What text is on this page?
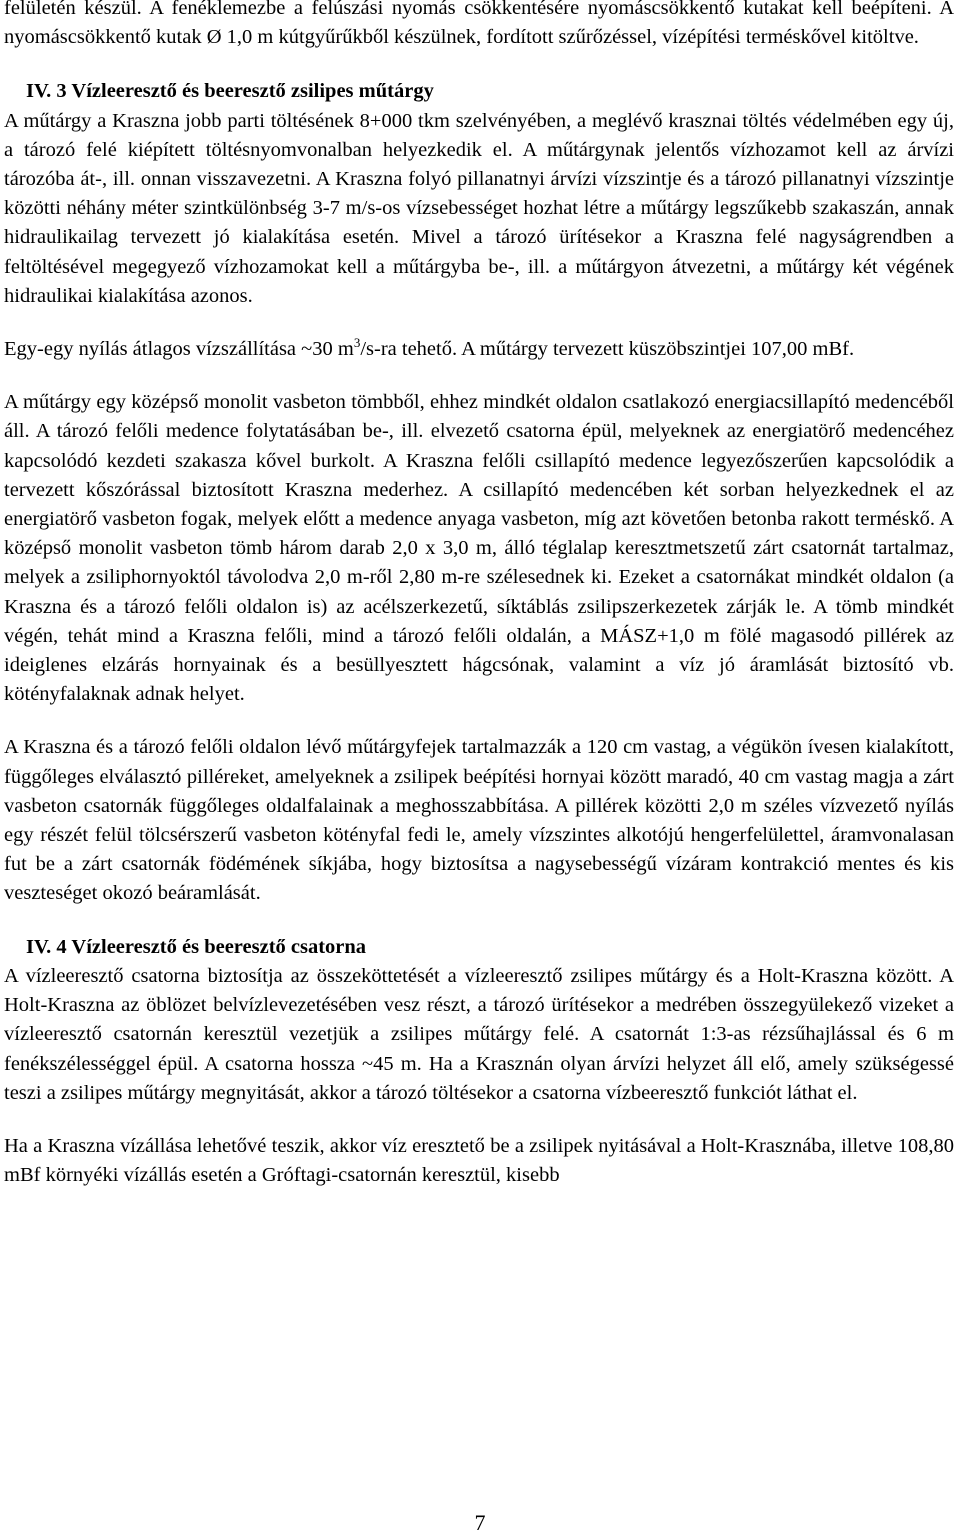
felületén készül. A fenéklemezbe a felúszási nyomás csökkentésére nyomáscsökkentő kutakat kell beépíteni. A nyomáscsökkentő kutak Ø 1,0 m kútgyűrűkből készülnek, fordított szűrőzéssel, vízépítési terméskővel kitöltve.

IV. 3 Vízleeresztő és beeresztő zsilipes műtárgy

A műtárgy a Kraszna jobb parti töltésének 8+000 tkm szelvényében, a meglévő krasznai töltés védelmében egy új, a tározó felé kiépített töltésnyomvonalban helyezkedik el. A műtárgynak jelentős vízhozamot kell az árvízi tározóba át-, ill. onnan visszavezetni. A Kraszna folyó pillanatnyi árvízi vízszintje és a tározó pillanatnyi vízszintje közötti néhány méter szintkülönbség 3-7 m/s-os vízsebességet hozhat létre a műtárgy legszűkebb szakaszán, annak hidraulikailag tervezett jó kialakítása esetén. Mivel a tározó ürítésekor a Kraszna felé nagyságrendben a feltöltésével megegyező vízhozamokat kell a műtárgyba be-, ill. a műtárgyon átvezetni, a műtárgy két végének hidraulikai kialakítása azonos.

Egy-egy nyílás átlagos vízszállítása ~30 $m^3/s-ra$ tehető. A műtárgy tervezett küszöbszintjei 107,00 mBf.

A műtárgy egy középső monolit vasbeton tömbből, ehhez mindkét oldalon csatlakozó energiacsillapító medencéből áll. A tározó felőli medence folytatásában be-, ill. elvezető csatorna épül, melyeknek az energiatörő medencéhez kapcsolódó kezdeti szakasza kővel burkolt. A Kraszna felőli csillapító medence legyezőszerűen kapcsolódik a tervezett kőszórással biztosított Kraszna mederhez. A csillapító medencében két sorban helyezkednek el az energiatörő vasbeton fogak, melyek előtt a medence anyaga vasbeton, míg azt követően betonba rakott terméskő. A középső monolit vasbeton tömb három darab 2,0 x 3,0 m, álló téglalap keresztmetszetű zárt csatornát tartalmaz, melyek a zsiliphornyoktól távolodva 2,0 m-ről 2,80 m-re szélesednek ki. Ezeket a csatornákat mindkét oldalon (a Kraszna és a tározó felőli oldalon is) az acélszerkezetű, síktáblás zsilipszerkezetek zárják le. A tömb mindkét végén, tehát mind a Kraszna felőli, mind a tározó felőli oldalán, a MÁSZ+1,0 m fölé magasodó pillérek az ideiglenes elzárás hornyainak és a besüllyesztett hágcsónak, valamint a víz jó áramlását biztosító vb. kötényfalaknak adnak helyet.

A Kraszna és a tározó felőli oldalon lévő műtárgyfejek tartalmazzák a 120 cm vastag, a végükön ívesen kialakított, függőleges elválasztó pilléreket, amelyeknek a zsilipek beépítési hornyai között maradó, 40 cm vastag magja a zárt vasbeton csatornák függőleges oldalfalainak a meghosszabbítása. A pillérek közötti 2,0 m széles vízvezető nyílás egy részét felül tölcsérszerű vasbeton kötényfal fedi le, amely vízszintes alkotójú hengerfelülettel, áramvonalasan fut be a zárt csatornák födémének síkjába, hogy biztosítsa a nagysebességű vízáram kontrakció mentes és kis veszteséget okozó beáramlását.

IV. 4 Vízleeresztő és beeresztő csatorna

A vízleeresztő csatorna biztosítja az összeköttetését a vízleeresztő zsilipes műtárgy és a Holt-Kraszna között. A Holt-Kraszna az öblözet belvízlevezetésében vesz részt, a tározó ürítésekor a medrében összegyülekező vizeket a vízleeresztő csatornán keresztül vezetjük a zsilipes műtárgy felé. A csatornát 1:3-as rézsűhajlással és 6 m fenékszélességgel épül. A csatorna hossza ~45 m. Ha a Krasznán olyan árvízi helyzet áll elő, amely szükségessé teszi a zsilipes műtárgy megnyitását, akkor a tározó töltésekor a csatorna vízbeeresztő funkciót láthat el.

Ha a Kraszna vízállása lehetővé teszik, akkor víz eresztető be a zsilipek nyitásával a Holt-Krasznába, illetve 108,80 mBf környéki vízállás esetén a Gróftagi-csatornán keresztül, kisebb

7
